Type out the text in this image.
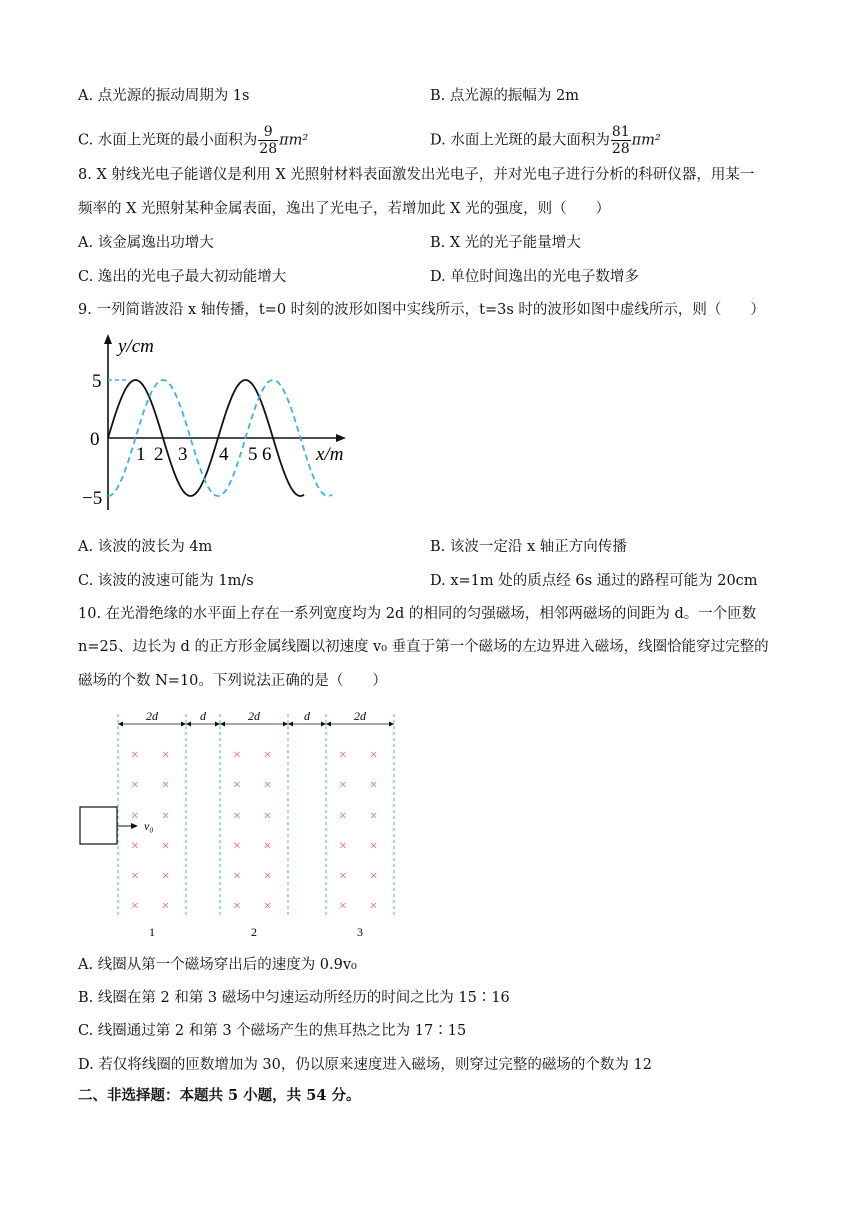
A. 点光源的振动周期为 1s	B. 点光源的振幅为 2m
C. 水面上光斑的最小面积为 $\frac{9}{28} \pi m^2$	D. 水面上光斑的最大面积为 $\frac{81}{28} \pi m^2$
8. X 射线光电子能谱仪是利用 X 光照射材料表面激发出光电子，并对光电子进行分析的科研仪器，用某一
频率的 X 光照射某种金属表面，逸出了光电子，若增加此 X 光的强度，则（　　）
A. 该金属逸出功增大	B. X 光的光子能量增大
C. 逸出的光电子最大初动能增大	D. 单位时间逸出的光电子数增多
9. 一列简谐波沿 x 轴传播，t=0 时刻的波形如图中实线所示，t=3s 时的波形如图中虚线所示，则（　　）
y/cm
x/m
5
0
−5
1 2 3 4 5 6
A. 该波的波长为 4m	B. 该波一定沿 x 轴正方向传播
C. 该波的波速可能为 1m/s	D. x=1m 处的质点经 6s 通过的路程可能为 20cm
10. 在光滑绝缘的水平面上存在一系列宽度均为 2d 的相同的匀强磁场，相邻两磁场的间距为 d。一个匝数
n=25、边长为 d 的正方形金属线圈以初速度 v₀ 垂直于第一个磁场的左边界进入磁场，线圈恰能穿过完整的
磁场的个数 N=10。下列说法正确的是（　　）
2d	d	2d	d	2d
× ×
× ×
× ×
× ×
× ×
× ×
1
× ×
× ×
× ×
× ×
× ×
× ×
2
× ×
× ×
× ×
× ×
× ×
× ×
3
v₀
A. 线圈从第一个磁场穿出后的速度为 0.9v₀
B. 线圈在第 2 和第 3 磁场中匀速运动所经历的时间之比为 15∶16
C. 线圈通过第 2 和第 3 个磁场产生的焦耳热之比为 17∶15
D. 若仅将线圈的匝数增加为 30，仍以原来速度进入磁场，则穿过完整的磁场的个数为 12
二、非选择题：本题共 5 小题，共 54 分。
